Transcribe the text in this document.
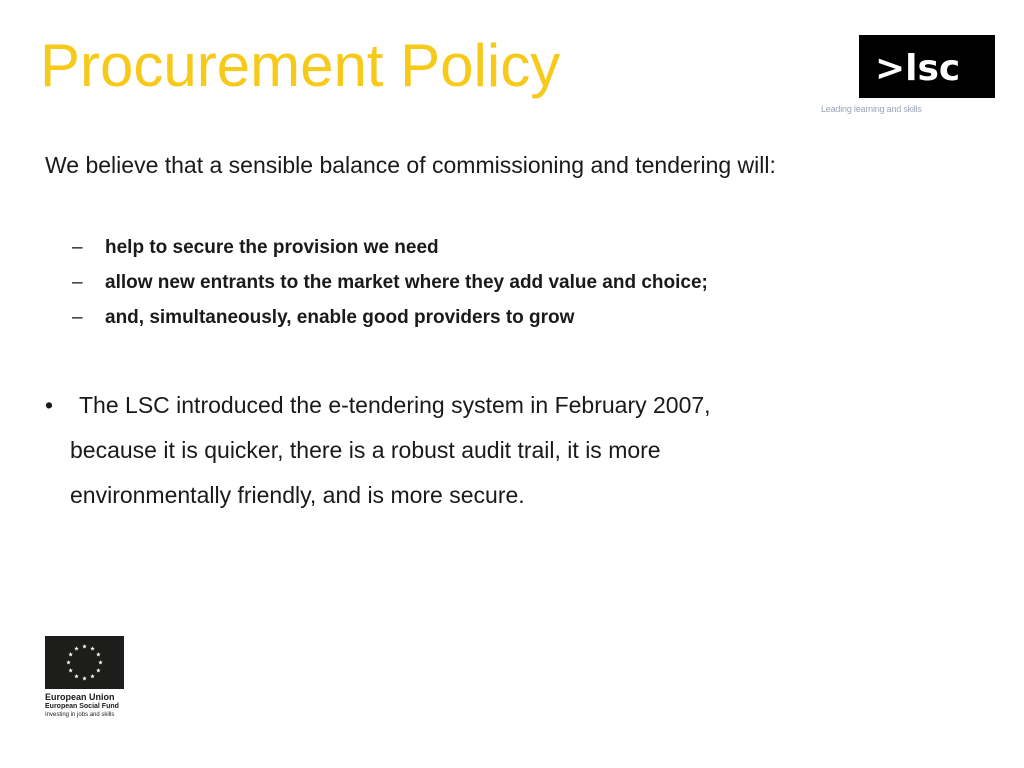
Procurement Policy	>lsc
Leading learning and skills

We believe that a sensible balance of commissioning and tendering will:

– help to secure the provision we need
– allow new entrants to the market where they add value and choice;
– and, simultaneously, enable good providers to grow
•	The LSC introduced the e-tendering system in February 2007,
because it is quicker, there is a robust audit trail, it is more
environmentally friendly, and is more secure.
European Union
European Social Fund
Investing in jobs and skills
